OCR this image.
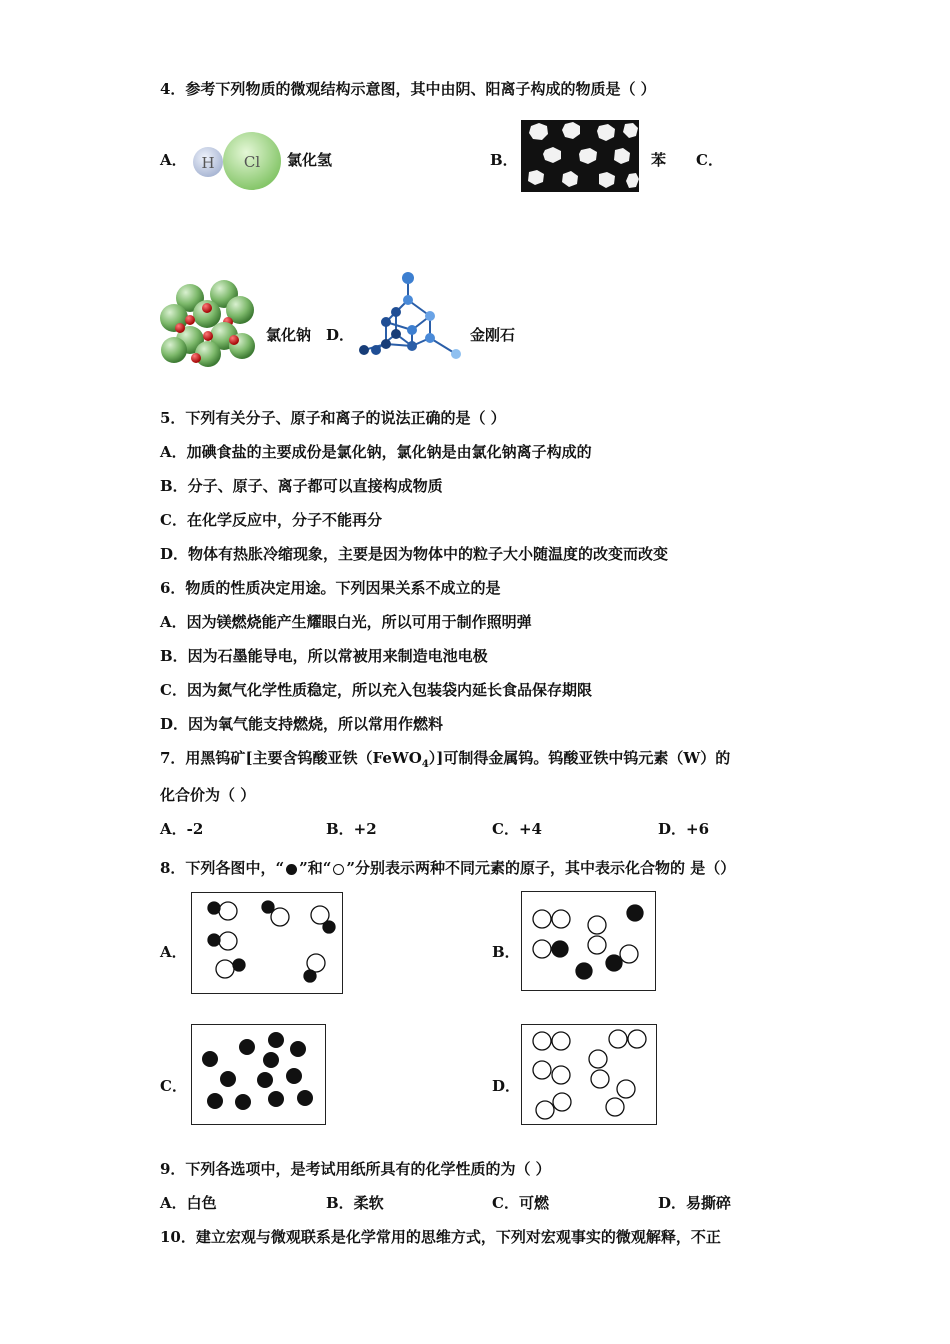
4．参考下列物质的微观结构示意图，其中由阴、阳离子构成的物质是（ ）
A． H Cl 氯化氢	B．	苯 C．
氯化钠 D．	金刚石
5．下列有关分子、原子和离子的说法正确的是（ ）
A．加碘食盐的主要成份是氯化钠，氯化钠是由氯化钠离子构成的
B．分子、原子、离子都可以直接构成物质
C．在化学反应中，分子不能再分
D．物体有热胀冷缩现象，主要是因为物体中的粒子大小随温度的改变而改变
6．物质的性质决定用途。下列因果关系不成立的是
A．因为镁燃烧能产生耀眼白光，所以可用于制作照明弹
B．因为石墨能导电，所以常被用来制造电池电极
C．因为氮气化学性质稳定，所以充入包装袋内延长食品保存期限
D．因为氧气能支持燃烧，所以常用作燃料
7．用黑钨矿[主要含钨酸亚铁（FeWO$_4$）]可制得金属钨。钨酸亚铁中钨元素（W）的
化合价为（ ）
A．-2	B．+2	C．+4	D．+6
8．下列各图中，“ ”和“ ”分别表示两种不同元素的原子，其中表示化合物的 是（）
A．	B．
C．	D．
9．下列各选项中，是考试用纸所具有的化学性质的为（ ）
A．白色	B．柔软	C．可燃	D．易撕碎
10．建立宏观与微观联系是化学常用的思维方式，下列对宏观事实的微观解释，不正
